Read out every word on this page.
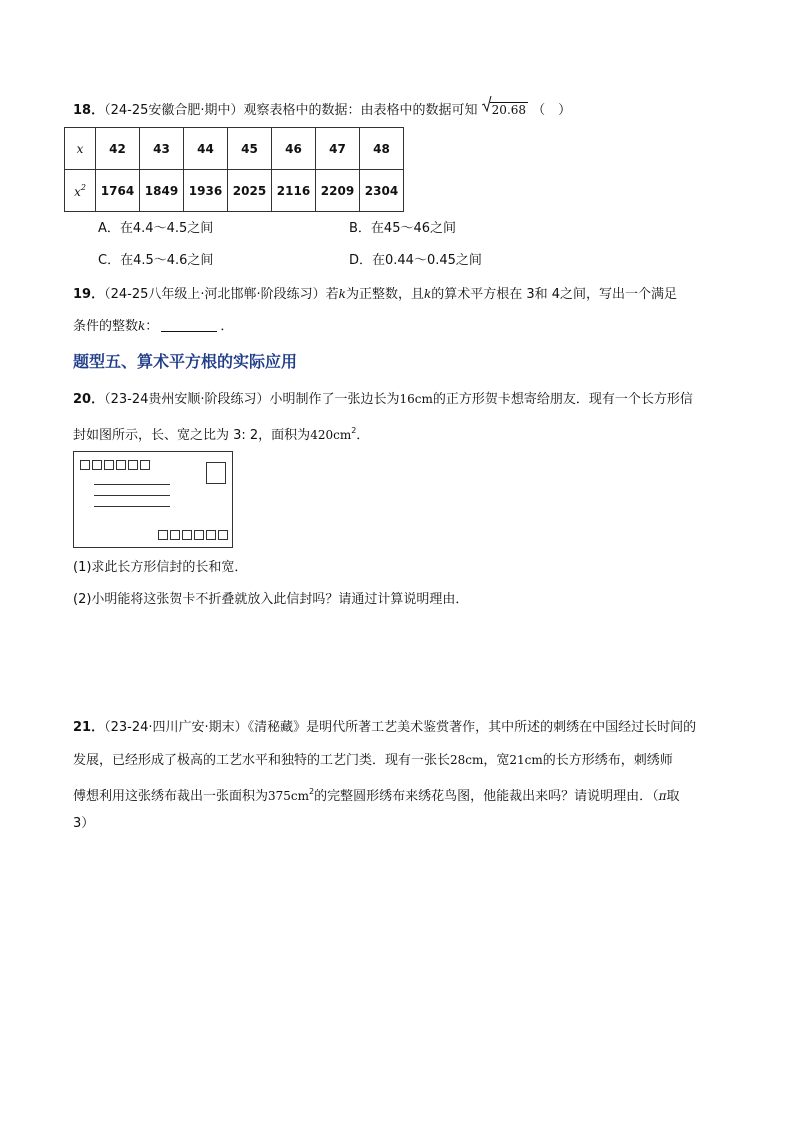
18．（24-25安徽合肥·期中）观察表格中的数据：由表格中的数据可知 20.68 （　）
x	42	43	44	45	46	47	48
$x^2$	1764	1849	1936	2025	2116	2209	2304
A．在4.4～4.5之间	B．在45～46之间
C．在4.5～4.6之间	D．在0.44～0.45之间
19．（24-25八年级上·河北邯郸·阶段练习）若k为正整数，且k的算术平方根在 3和 4之间，写出一个满足
条件的整数k：	．
题型五、算术平方根的实际应用
20．（23-24贵州安顺·阶段练习）小明制作了一张边长为16cm的正方形贺卡想寄给朋友．现有一个长方形信
封如图所示，长、宽之比为 3: 2，面积为$420cm^2$．
(1)求此长方形信封的长和宽．
(2)小明能将这张贺卡不折叠就放入此信封吗？请通过计算说明理由．
21．（23-24·四川广安·期末）《清秘藏》是明代所著工艺美术鉴赏著作，其中所述的刺绣在中国经过长时间的
发展，已经形成了极高的工艺水平和独特的工艺门类．现有一张长28cm，宽21cm的长方形绣布，刺绣师
傅想利用这张绣布裁出一张面积为$375cm^2$的完整圆形绣布来绣花鸟图，他能裁出来吗？请说明理由．（π取
3）
